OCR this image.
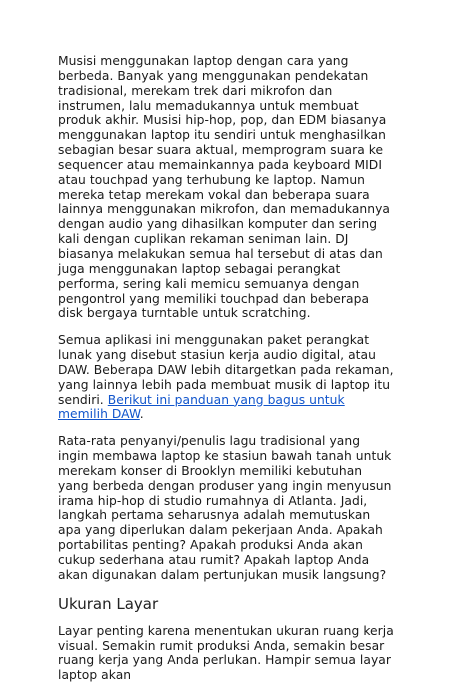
Musisi menggunakan laptop dengan cara yang berbeda. Banyak yang menggunakan pendekatan tradisional, merekam trek dari mikrofon dan instrumen, lalu memadukannya untuk membuat produk akhir. Musisi hip-hop, pop, dan EDM biasanya menggunakan laptop itu sendiri untuk menghasilkan sebagian besar suara aktual, memprogram suara ke sequencer atau memainkannya pada keyboard MIDI atau touchpad yang terhubung ke laptop. Namun mereka tetap merekam vokal dan beberapa suara lainnya menggunakan mikrofon, dan memadukannya dengan audio yang dihasilkan komputer dan sering kali dengan cuplikan rekaman seniman lain. DJ biasanya melakukan semua hal tersebut di atas dan juga menggunakan laptop sebagai perangkat performa, sering kali memicu semuanya dengan pengontrol yang memiliki touchpad dan beberapa disk bergaya turntable untuk scratching.

Semua aplikasi ini menggunakan paket perangkat lunak yang disebut stasiun kerja audio digital, atau DAW. Beberapa DAW lebih ditargetkan pada rekaman, yang lainnya lebih pada membuat musik di laptop itu sendiri. Berikut ini panduan yang bagus untuk memilih DAW.

Rata-rata penyanyi/penulis lagu tradisional yang ingin membawa laptop ke stasiun bawah tanah untuk merekam konser di Brooklyn memiliki kebutuhan yang berbeda dengan produser yang ingin menyusun irama hip-hop di studio rumahnya di Atlanta. Jadi, langkah pertama seharusnya adalah memutuskan apa yang diperlukan dalam pekerjaan Anda. Apakah portabilitas penting? Apakah produksi Anda akan cukup sederhana atau rumit? Apakah laptop Anda akan digunakan dalam pertunjukan musik langsung?

Ukuran Layar

Layar penting karena menentukan ukuran ruang kerja visual. Semakin rumit produksi Anda, semakin besar ruang kerja yang Anda perlukan. Hampir semua layar laptop akan
